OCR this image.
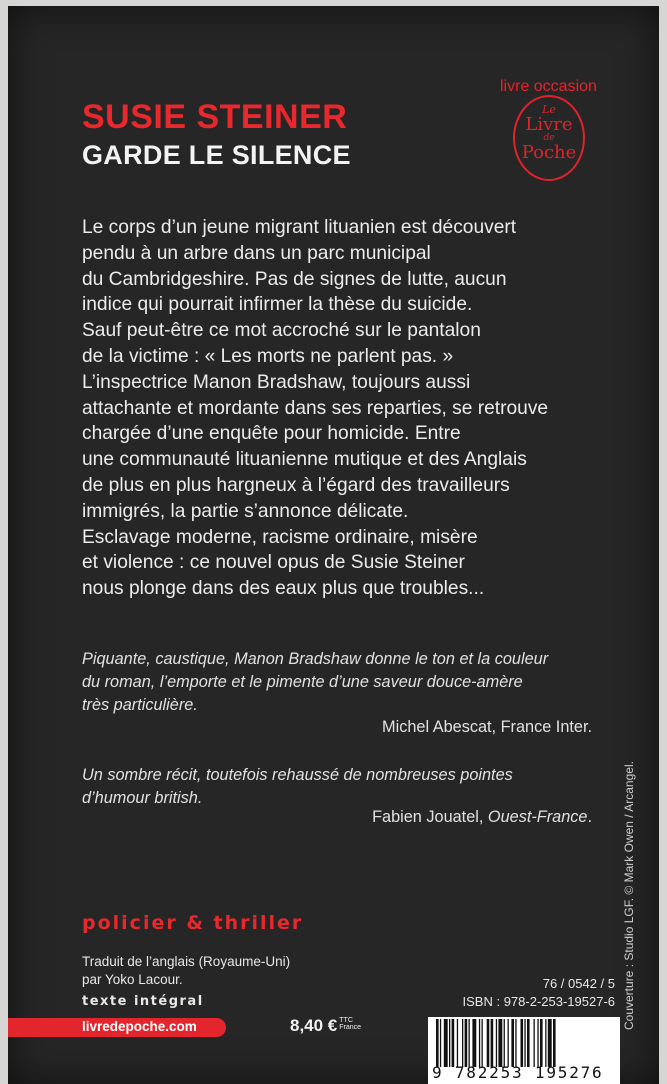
livre occasion
Le
Livre
de
Poche
SUSIE STEINER
GARDE LE SILENCE
Le corps d’un jeune migrant lituanien est découvert
pendu à un arbre dans un parc municipal
du Cambridgeshire. Pas de signes de lutte, aucun
indice qui pourrait infirmer la thèse du suicide.
Sauf peut-être ce mot accroché sur le pantalon
de la victime : « Les morts ne parlent pas. »
L’inspectrice Manon Bradshaw, toujours aussi
attachante et mordante dans ses reparties, se retrouve
chargée d’une enquête pour homicide. Entre
une communauté lituanienne mutique et des Anglais
de plus en plus hargneux à l’égard des travailleurs
immigrés, la partie s’annonce délicate.
Esclavage moderne, racisme ordinaire, misère
et violence : ce nouvel opus de Susie Steiner
nous plonge dans des eaux plus que troubles...
Piquante, caustique, Manon Bradshaw donne le ton et la couleur
du roman, l’emporte et le pimente d’une saveur douce-amère
très particulière.
Michel Abescat, France Inter.
Un sombre récit, toutefois rehaussé de nombreuses pointes
d’humour british.
Fabien Jouatel, Ouest-France.
policier & thriller
Traduit de l’anglais (Royaume-Uni)
par Yoko Lacour.
texte intégral
livredepoche.com	8,40 € TTC
France
76 / 0542 / 5
ISBN : 978-2-253-19527-6
9 782253 195276
Couverture : Studio LGF. © Mark Owen / Arcangel.
